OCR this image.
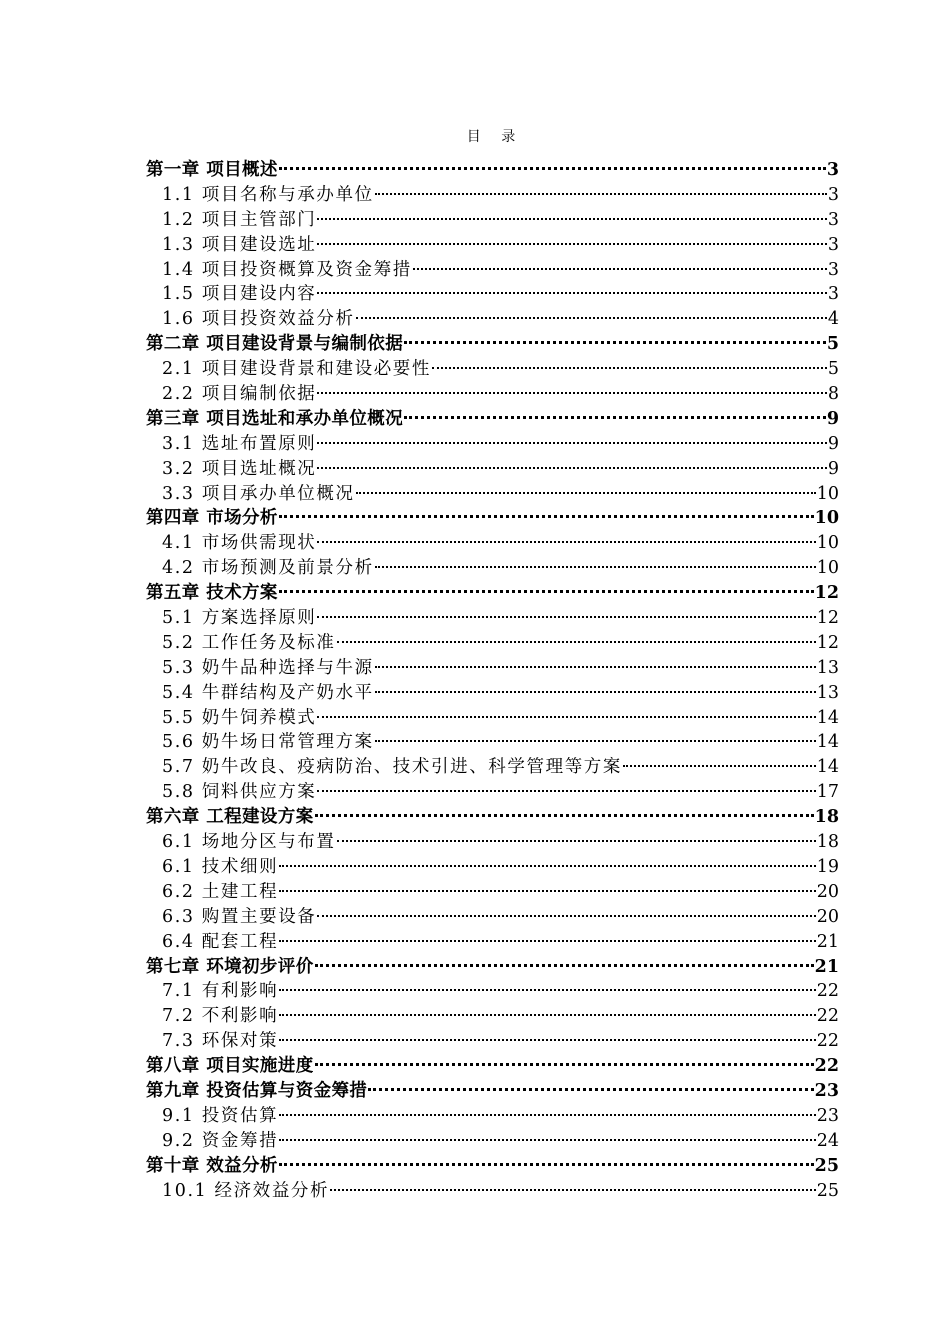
目 录
第一章 项目概述	3
1.1 项目名称与承办单位	3
1.2 项目主管部门	3
1.3 项目建设选址	3
1.4 项目投资概算及资金筹措	3
1.5 项目建设内容	3
1.6 项目投资效益分析	4
第二章 项目建设背景与编制依据	5
2.1 项目建设背景和建设必要性	5
2.2 项目编制依据	8
第三章 项目选址和承办单位概况	9
3.1 选址布置原则	9
3.2 项目选址概况	9
3.3 项目承办单位概况	10
第四章 市场分析	10
4.1 市场供需现状	10
4.2 市场预测及前景分析	10
第五章 技术方案	12
5.1 方案选择原则	12
5.2 工作任务及标准	12
5.3 奶牛品种选择与牛源	13
5.4 牛群结构及产奶水平	13
5.5 奶牛饲养模式	14
5.6 奶牛场日常管理方案	14
5.7 奶牛改良、疫病防治、技术引进、科学管理等方案	14
5.8 饲料供应方案	17
第六章 工程建设方案	18
6.1 场地分区与布置	18
6.1 技术细则	19
6.2 土建工程	20
6.3 购置主要设备	20
6.4 配套工程	21
第七章 环境初步评价	21
7.1 有利影响	22
7.2 不利影响	22
7.3 环保对策	22
第八章 项目实施进度	22
第九章 投资估算与资金筹措	23
9.1 投资估算	23
9.2 资金筹措	24
第十章 效益分析	25
10.1 经济效益分析	25
